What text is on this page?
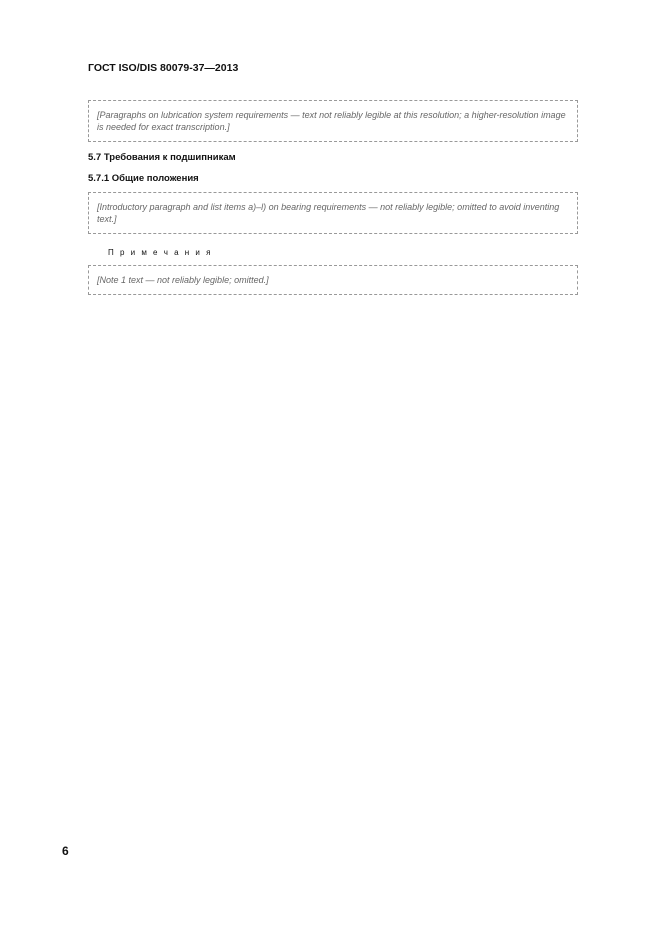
ГОСТ ISO/DIS 80079-37—2013

[Paragraphs on lubrication system requirements — text not reliably legible at this resolution; a higher-resolution image is needed for exact transcription.]

5.7 Требования к подшипникам
5.7.1 Общие положения

[Introductory paragraph and list items a)–l) on bearing requirements — not reliably legible; omitted to avoid inventing text.]

П р и м е ч а н и я

[Note 1 text — not reliably legible; omitted.]

6
